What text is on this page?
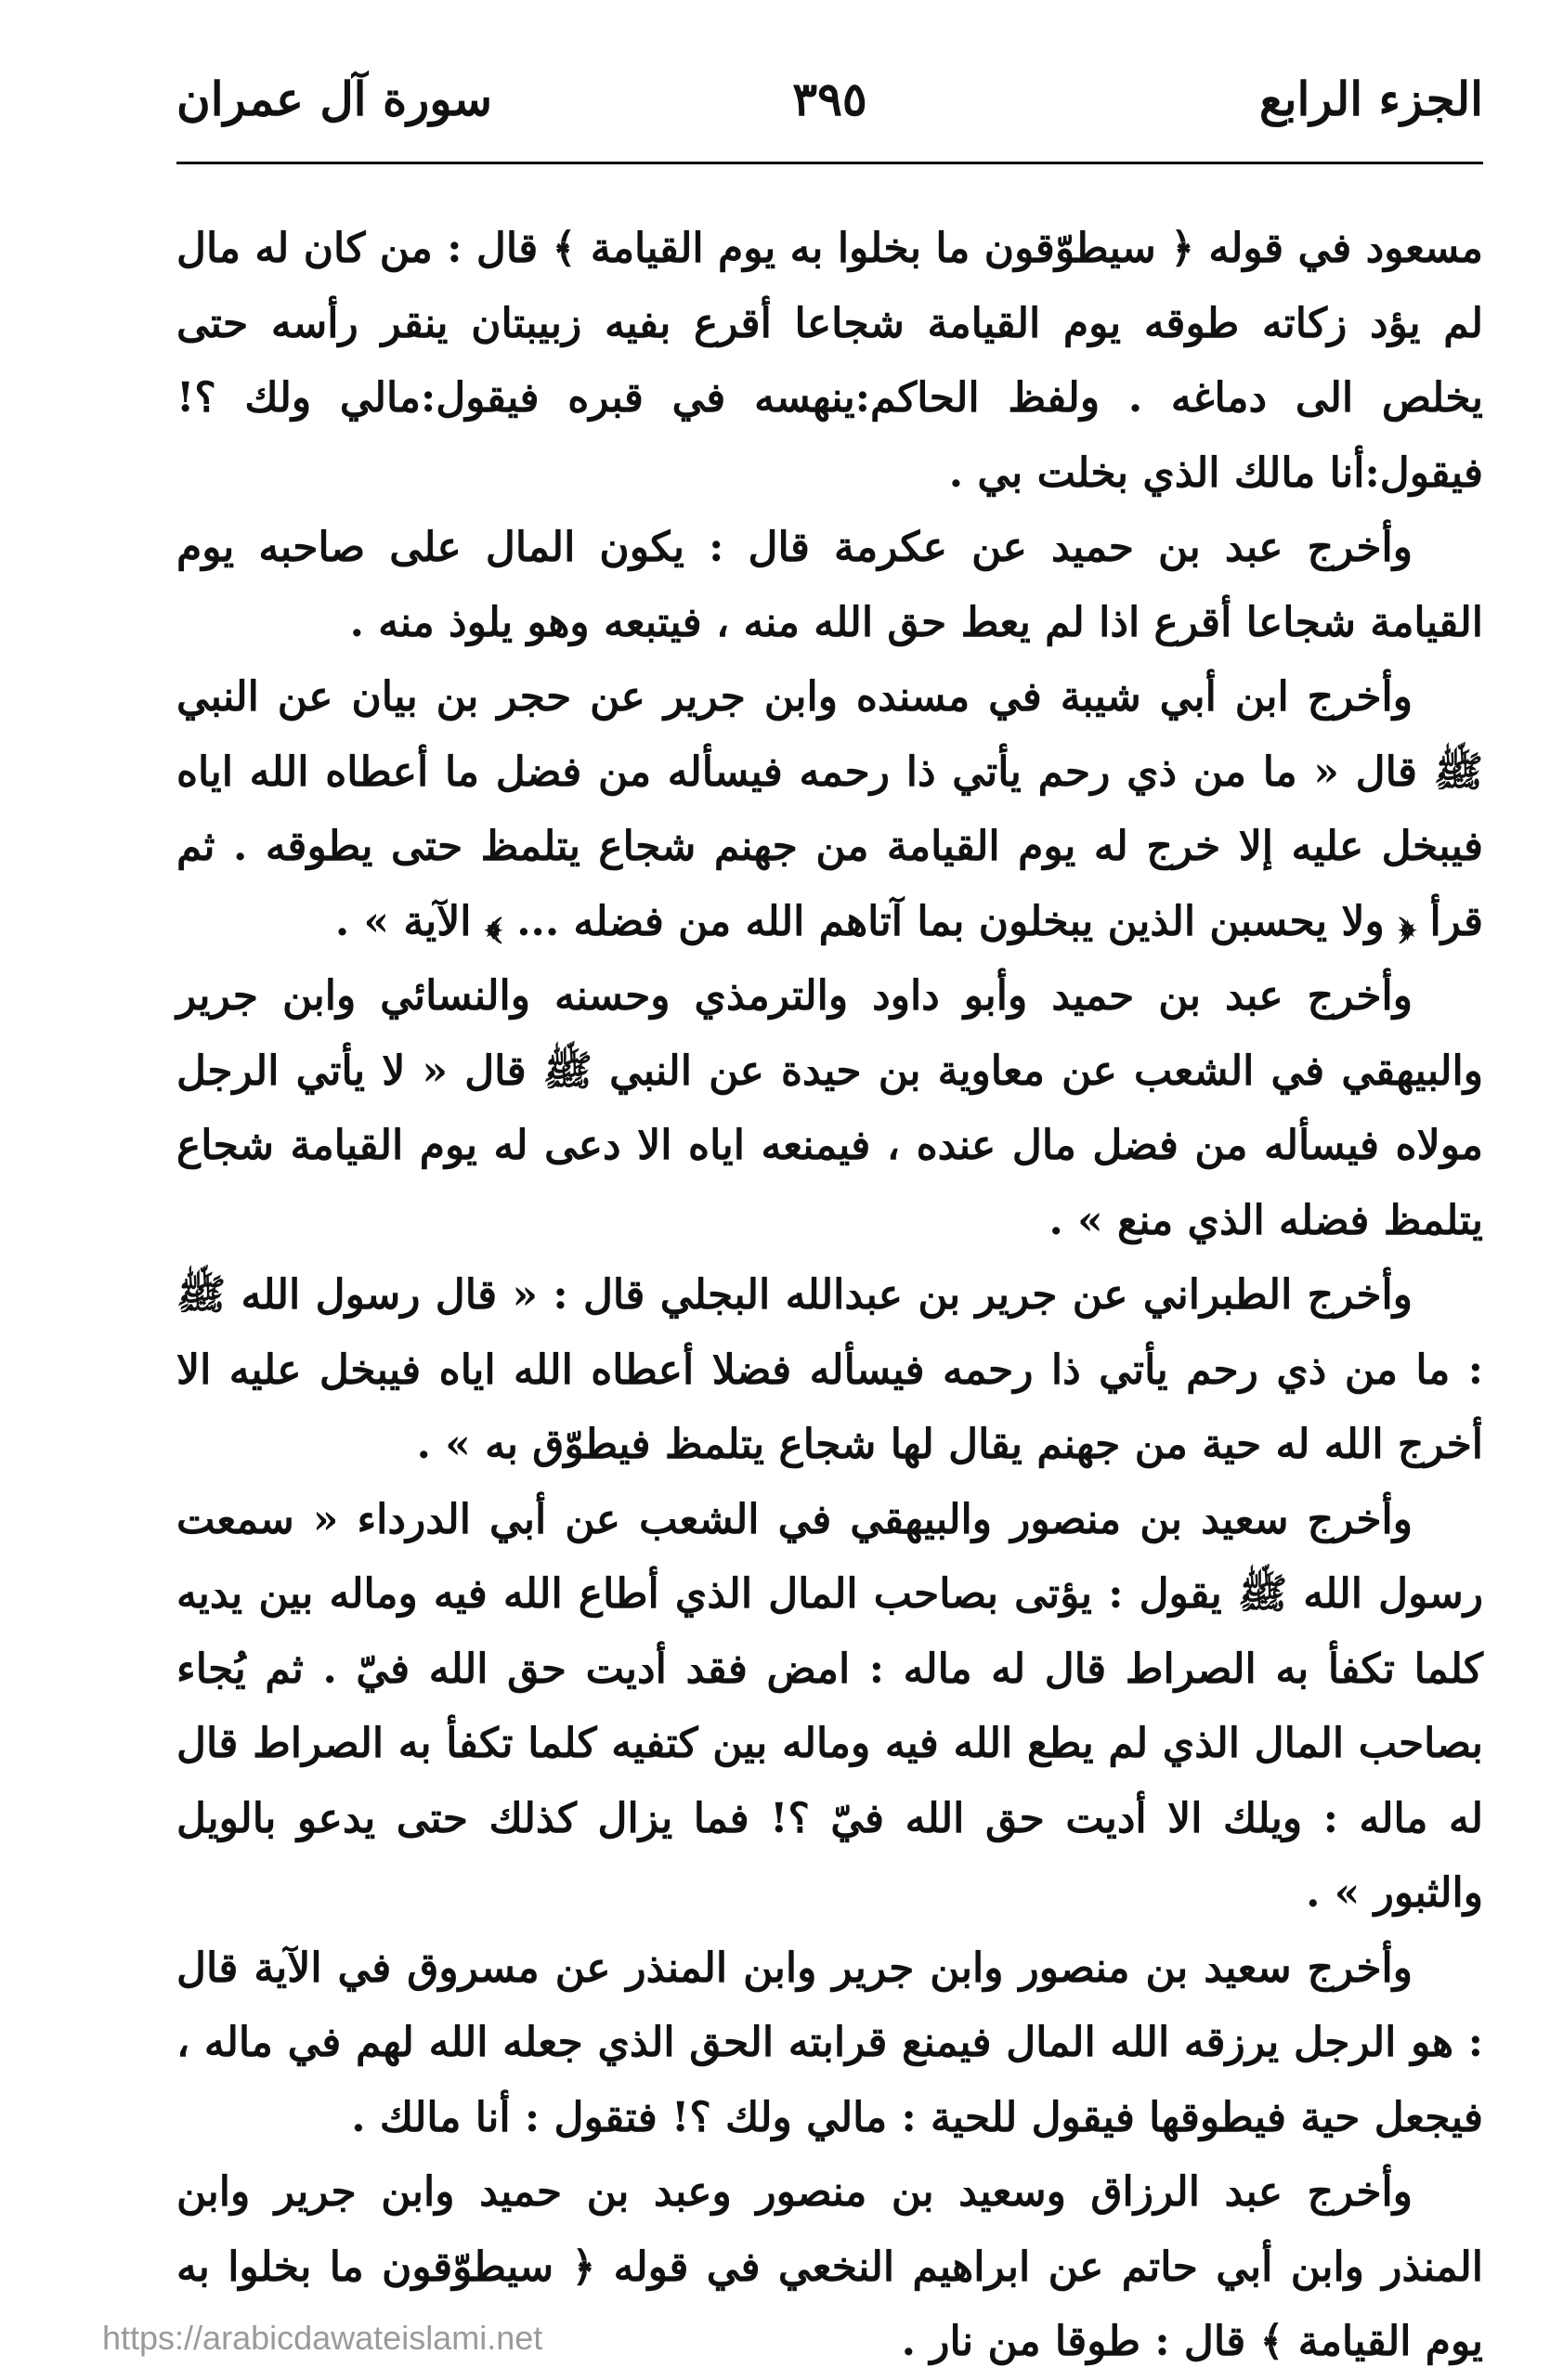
الجزء الرابع
٣٩٥
سورة آل عمران

مسعود في قوله ﴿ سيطوّقون ما بخلوا به يوم القيامة ﴾ قال : من كان له مال لم يؤد زكاته طوقه يوم القيامة شجاعا أقرع بفيه زبيبتان ينقر رأسه حتى يخلص الى دماغه . ولفظ الحاكم:ينهسه في قبره فيقول:مالي ولك ؟! فيقول:أنا مالك الذي بخلت بي .

وأخرج عبد بن حميد عن عكرمة قال : يكون المال على صاحبه يوم القيامة شجاعا أقرع اذا لم يعط حق الله منه ، فيتبعه وهو يلوذ منه .

وأخرج ابن أبي شيبة في مسنده وابن جرير عن حجر بن بيان عن النبي ﷺ قال « ما من ذي رحم يأتي ذا رحمه فيسأله من فضل ما أعطاه الله اياه فيبخل عليه إلا خرج له يوم القيامة من جهنم شجاع يتلمظ حتى يطوقه . ثم قرأ ﴿ ولا يحسبن الذين يبخلون بما آتاهم الله من فضله ... ﴾ الآية » .

وأخرج عبد بن حميد وأبو داود والترمذي وحسنه والنسائي وابن جرير والبيهقي في الشعب عن معاوية بن حيدة عن النبي ﷺ قال « لا يأتي الرجل مولاه فيسأله من فضل مال عنده ، فيمنعه اياه الا دعى له يوم القيامة شجاع يتلمظ فضله الذي منع » .

وأخرج الطبراني عن جرير بن عبدالله البجلي قال : « قال رسول الله ﷺ : ما من ذي رحم يأتي ذا رحمه فيسأله فضلا أعطاه الله اياه فيبخل عليه الا أخرج الله له حية من جهنم يقال لها شجاع يتلمظ فيطوّق به » .

وأخرج سعيد بن منصور والبيهقي في الشعب عن أبي الدرداء « سمعت رسول الله ﷺ يقول : يؤتى بصاحب المال الذي أطاع الله فيه وماله بين يديه كلما تكفأ به الصراط قال له ماله : امض فقد أديت حق الله فيّ . ثم يُجاء بصاحب المال الذي لم يطع الله فيه وماله بين كتفيه كلما تكفأ به الصراط قال له ماله : ويلك الا أديت حق الله فيّ ؟! فما يزال كذلك حتى يدعو بالويل والثبور » .

وأخرج سعيد بن منصور وابن جرير وابن المنذر عن مسروق في الآية قال : هو الرجل يرزقه الله المال فيمنع قرابته الحق الذي جعله الله لهم في ماله ، فيجعل حية فيطوقها فيقول للحية : مالي ولك ؟! فتقول : أنا مالك .

وأخرج عبد الرزاق وسعيد بن منصور وعبد بن حميد وابن جرير وابن المنذر وابن أبي حاتم عن ابراهيم النخعي في قوله ﴿ سيطوّقون ما بخلوا به يوم القيامة ﴾ قال : طوقا من نار .

https://arabicdawateislami.net
